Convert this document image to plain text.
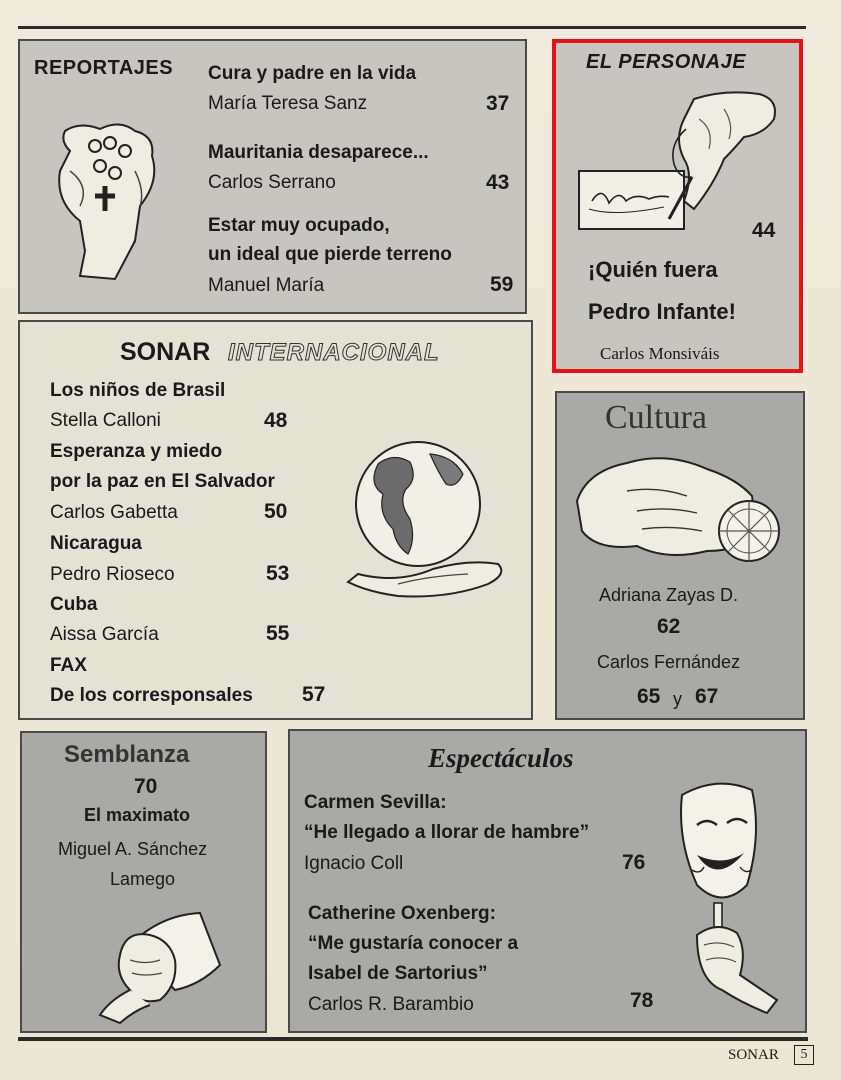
REPORTAJES Cura y padre en la vida
María Teresa Sanz	37
Mauritania desaparece...
Carlos Serrano	43
Estar muy ocupado,
un ideal que pierde terreno
Manuel María	59
EL PERSONAJE
44
¡Quién fuera
Pedro Infante!
Carlos Monsiváis
SONAR INTERNACIONAL
Los niños de Brasil
Stella Calloni	48
Esperanza y miedo
por la paz en El Salvador
Carlos Gabetta	50
Nicaragua
Pedro Rioseco	53
Cuba
Aissa García	55
FAX
De los corresponsales 57
Cultura
Adriana Zayas D.
62
Carlos Fernández
65 y 67
Semblanza
70
El maximato
Miguel A. Sánchez
Lamego
Espectáculos
Carmen Sevilla:
“He llegado a llorar de hambre”
Ignacio Coll	76
Catherine Oxenberg:
“Me gustaría conocer a
Isabel de Sartorius”
Carlos R. Barambio	78
SONAR	5
